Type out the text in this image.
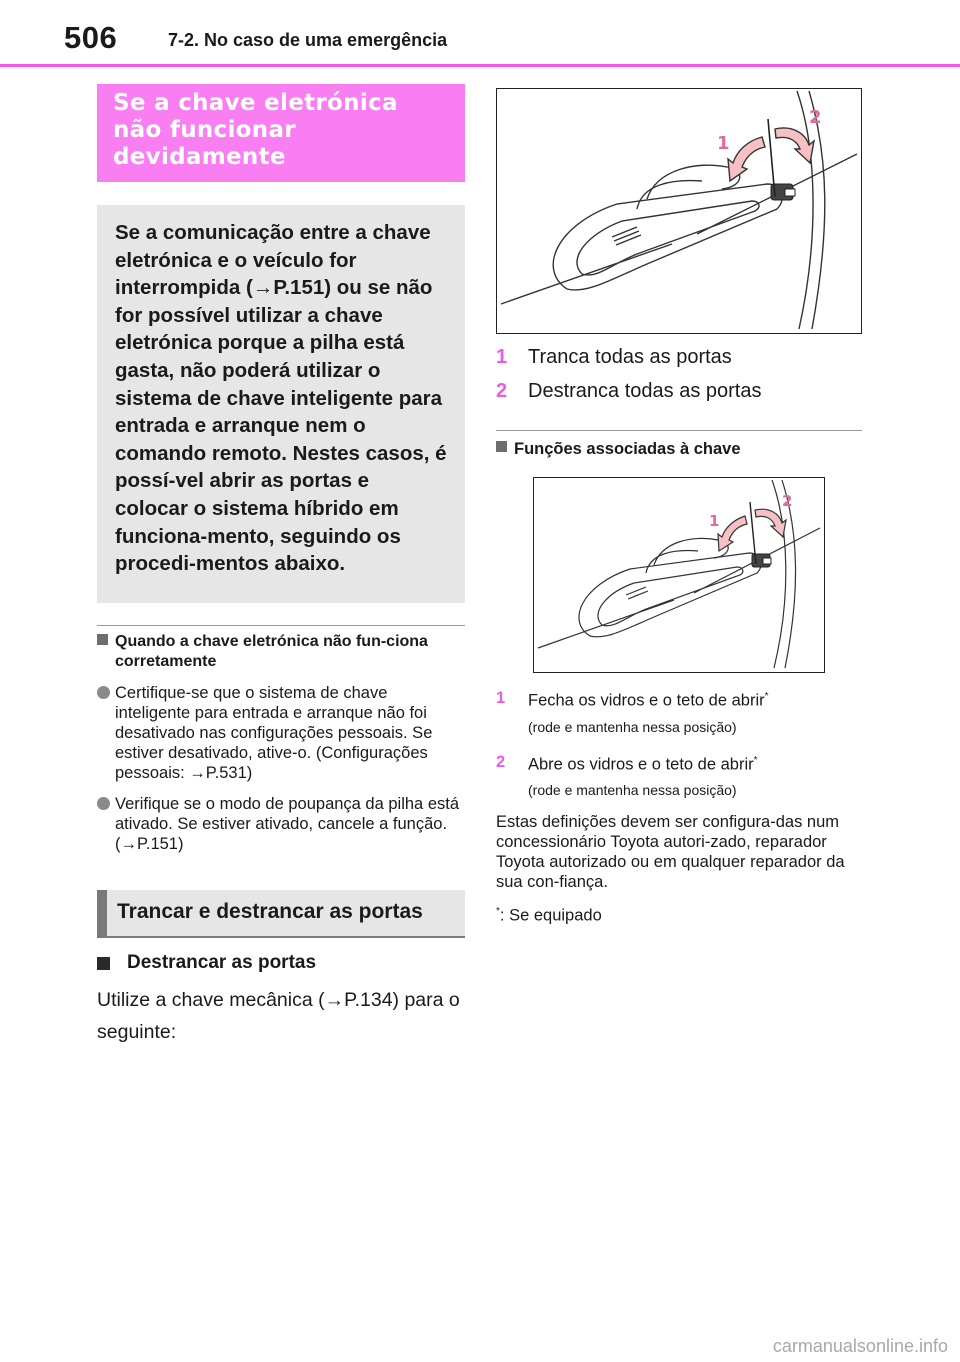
506	7-2. No caso de uma emergência
Se a chave eletrónica não funcionar devidamente
Se a comunicação entre a chave eletrónica e o veículo for interrompida (→P.151) ou se não for possível utilizar a chave eletrónica porque a pilha está gasta, não poderá utilizar o sistema de chave inteligente para entrada e arranque nem o comando remoto. Nestes casos, é possí-vel abrir as portas e colocar o sistema híbrido em funciona-mento, seguindo os procedi-mentos abaixo.
Quando a chave eletrónica não fun-ciona corretamente
Certifique-se que o sistema de chave inteligente para entrada e arranque não foi desativado nas configurações pessoais. Se estiver desativado, ative-o. (Configurações pessoais: →P.531)
Verifique se o modo de poupança da pilha está ativado. Se estiver ativado, cancele a função. (→P.151)
Trancar e destrancar as portas
Destrancar as portas
Utilize a chave mecânica (→P.134) para o seguinte:
1
2
1 Tranca todas as portas
2 Destranca todas as portas
Funções associadas à chave
1
2
1 Fecha os vidros e o teto de abrir*
(rode e mantenha nessa posição)
2 Abre os vidros e o teto de abrir*
(rode e mantenha nessa posição)
Estas definições devem ser configura-das num concessionário Toyota autori-zado, reparador Toyota autorizado ou em qualquer reparador da sua con-fiança.
*: Se equipado
carmanualsonline.info
